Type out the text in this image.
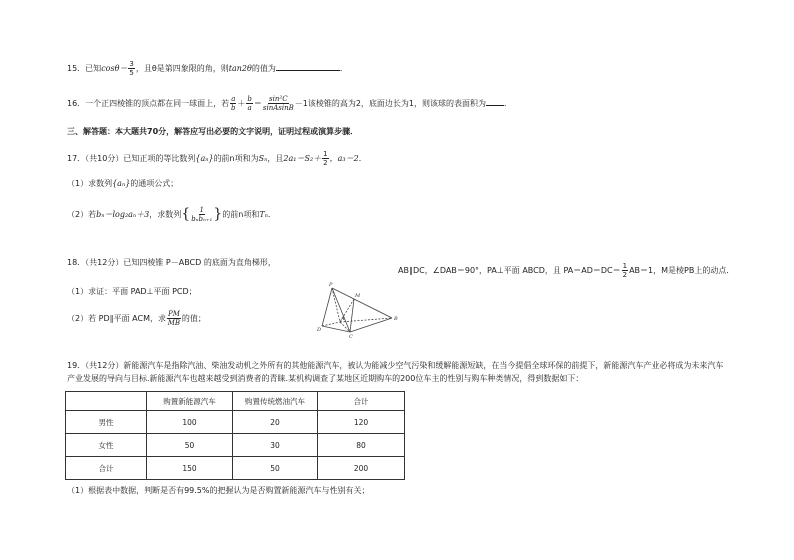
15．已知$\cos\theta= \frac{3}{5}$ ，且θ是第四象限的角，则tan2θ的值为	．
16．一个正四棱锥的顶点都在同一球面上，若 $\frac{a}{b} + \frac{b}{a} = \frac{\text{sin²C}}{\text{sinAsinB}} -1$该棱锥的高为2，底面边长为1，则该球的表面积为 ．
三、解答题：本大题共70分，解答应写出必要的文字说明，证明过程或演算步骤．
17．（共10分）已知正项的等比数列{aₙ}的前n项和为Sₙ，且$2a_1=S_2+ \frac{1}{2}$ ，a₃＝2．
（1）求数列{aₙ}的通项公式；
（2）若bₙ＝log₂aₙ＋3，求数列{ $\frac{1}{\text{bₙbₙ₊₁}}$ }的前n项和Tₙ．
18．（共12分）已知四棱锥 P－ABCD 的底面为直角梯形，
AB∥DC，∠DAB＝90°，PA⊥平面 ABCD，且 $PA=AD=DC= \frac{1}{2} AB=1$，M是棱PB上的动点．
（1）求证：平面 PAD⊥平面 PCD；
（2）若 PD∥平面 ACM，求 $\frac{PM}{MB}$ 的值；
P
M
A	B
C
D
19．（共12分）新能源汽车是指除汽油、柴油发动机之外所有的其他能源汽车，被认为能减少空气污染和缓解能源短缺，在当今提倡全球环保的前提下，新能源汽车产业必将成为未来汽车
产业发展的导向与目标.新能源汽车也越来越受到消费者的青睐.某机构调查了某地区近期购车的200位车主的性别与购车种类情况，得到数据如下：
	购置新能源汽车	购置传统燃油汽车	合计
男性	100	20	120
女性	50	30	80
合计	150	50	200
（1）根据表中数据，判断是否有99.5%的把握认为是否购置新能源汽车与性别有关；
